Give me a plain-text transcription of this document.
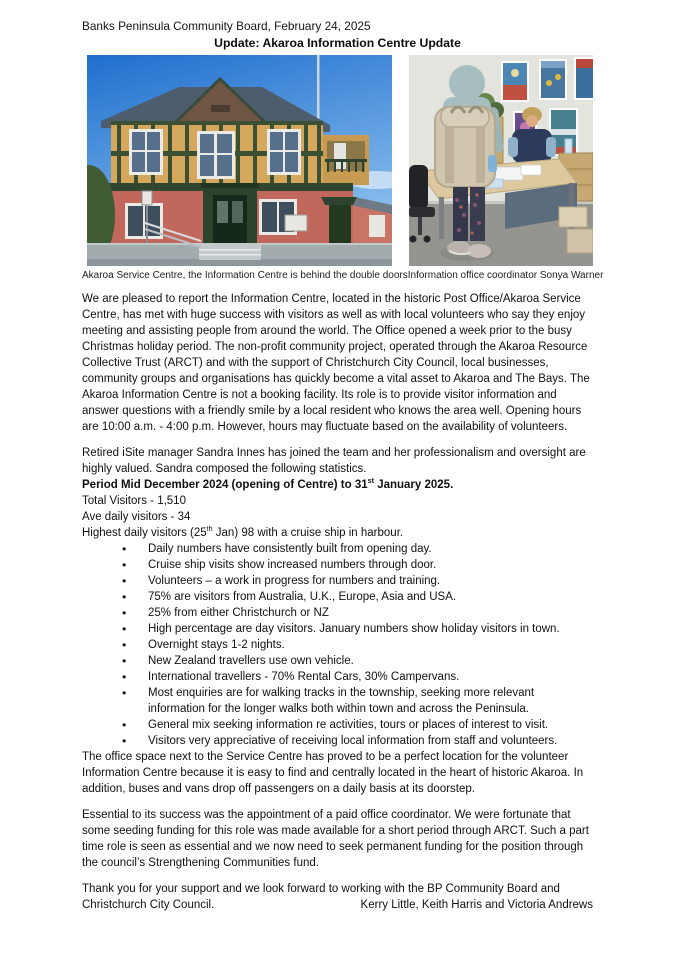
Banks Peninsula Community Board, February 24, 2025
Update: Akaroa Information Centre Update
Akaroa Service Centre, the Information Centre is behind the double doors Information office coordinator Sonya Warner

We are pleased to report the Information Centre, located in the historic Post Office/Akaroa Service Centre, has met with huge success with visitors as well as with local volunteers who say they enjoy meeting and assisting people from around the world. The Office opened a week prior to the busy Christmas holiday period. The non-profit community project, operated through the Akaroa Resource Collective Trust (ARCT) and with the support of Christchurch City Council, local businesses, community groups and organisations has quickly become a vital asset to Akaroa and The Bays. The Akaroa Information Centre is not a booking facility. Its role is to provide visitor information and answer questions with a friendly smile by a local resident who knows the area well. Opening hours are 10:00 a.m. - 4:00 p.m. However, hours may fluctuate based on the availability of volunteers.

Retired iSite manager Sandra Innes has joined the team and her professionalism and oversight are highly valued. Sandra composed the following statistics.

Period Mid December 2024 (opening of Centre) to 31st January 2025.

Total Visitors - 1,510

Ave daily visitors - 34

Highest daily visitors (25th Jan) 98 with a cruise ship in harbour.

• Daily numbers have consistently built from opening day.
• Cruise ship visits show increased numbers through door.
• Volunteers – a work in progress for numbers and training.
• 75% are visitors from Australia, U.K., Europe, Asia and USA.
• 25% from either Christchurch or NZ
• High percentage are day visitors. January numbers show holiday visitors in town.
• Overnight stays 1-2 nights.
• New Zealand travellers use own vehicle.
• International travellers - 70% Rental Cars, 30% Campervans.
• Most enquiries are for walking tracks in the township, seeking more relevant information for the longer walks both within town and across the Peninsula.
• General mix seeking information re activities, tours or places of interest to visit.
• Visitors very appreciative of receiving local information from staff and volunteers.

The office space next to the Service Centre has proved to be a perfect location for the volunteer Information Centre because it is easy to find and centrally located in the heart of historic Akaroa. In addition, buses and vans drop off passengers on a daily basis at its doorstep.

Essential to its success was the appointment of a paid office coordinator. We were fortunate that some seeding funding for this role was made available for a short period through ARCT. Such a part time role is seen as essential and we now need to seek permanent funding for the position through the council’s Strengthening Communities fund.

Thank you for your support and we look forward to working with the BP Community Board and

Christchurch City Council.	Kerry Little, Keith Harris and Victoria Andrews
